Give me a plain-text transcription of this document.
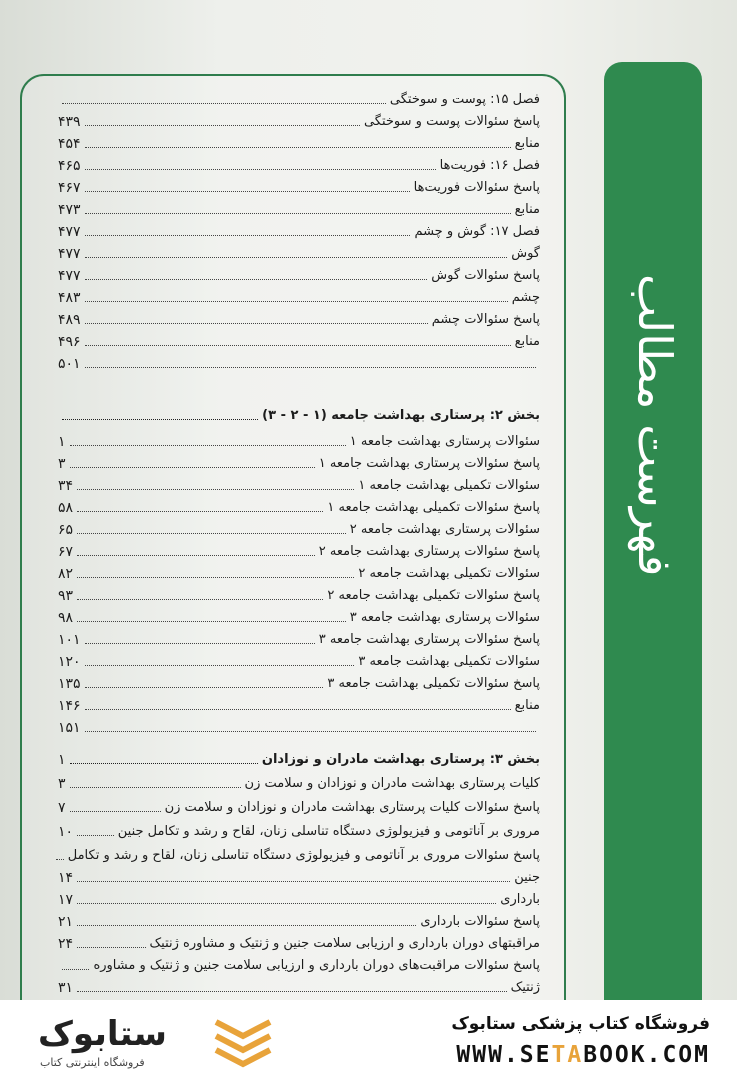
فهرست مطالب
فصل ۱۵: پوست و سوختگی
پاسخ سئوالات پوست و سوختگی
۴۳۹
منابع
۴۵۴
فصل ۱۶: فوریت‌ها
۴۶۵
پاسخ سئوالات فوریت‌ها
۴۶۷
منابع
۴۷۳
فصل ۱۷: گوش و چشم
۴۷۷
گوش
۴۷۷
پاسخ سئوالات گوش
۴۷۷
چشم
۴۸۳
پاسخ سئوالات چشم
۴۸۹
منابع
۴۹۶
۵۰۱
بخش ۲: پرستاری بهداشت جامعه (۱ - ۲ - ۳)
سئوالات پرستاری بهداشت جامعه ۱
۱
پاسخ سئوالات پرستاری بهداشت جامعه ۱
۳
سئوالات تکمیلی بهداشت جامعه ۱
۳۴
پاسخ سئوالات تکمیلی بهداشت جامعه ۱
۵۸
سئوالات پرستاری بهداشت جامعه ۲
۶۵
پاسخ سئوالات پرستاری بهداشت جامعه ۲
۶۷
سئوالات تکمیلی بهداشت جامعه ۲
۸۲
پاسخ سئوالات تکمیلی بهداشت جامعه ۲
۹۳
سئوالات پرستاری بهداشت جامعه ۳
۹۸
پاسخ سئوالات پرستاری بهداشت جامعه ۳
۱۰۱
سئوالات تکمیلی بهداشت جامعه ۳
۱۲۰
پاسخ سئوالات تکمیلی بهداشت جامعه ۳
۱۳۵
منابع
۱۴۶
۱۵۱
بخش ۳: پرستاری بهداشت مادران و نوزادان
۱
کلیات پرستاری بهداشت مادران و نوزادان و سلامت زن
۳
پاسخ سئوالات کلیات پرستاری بهداشت مادران و نوزادان و سلامت زن
۷
مروری بر آناتومی و فیزیولوژی دستگاه تناسلی زنان، لقاح و رشد و تکامل جنین
۱۰
پاسخ سئوالات مروری بر آناتومی و فیزیولوژی دستگاه تناسلی زنان، لقاح و رشد و تکامل
جنین
۱۴
بارداری
۱۷
پاسخ سئوالات بارداری
۲۱
مراقبتهای دوران بارداری و ارزیابی سلامت جنین و ژنتیک و مشاوره ژنتیک
۲۴
پاسخ سئوالات مراقبت‌های دوران بارداری و ارزیابی سلامت جنین و ژنتیک و مشاوره
ژنتیک
۳۱
فروشگاه کتاب پزشکی ستابوک
WWW.SETABOOK.COM
ستابوک
فروشگاه اینترنتی کتاب
